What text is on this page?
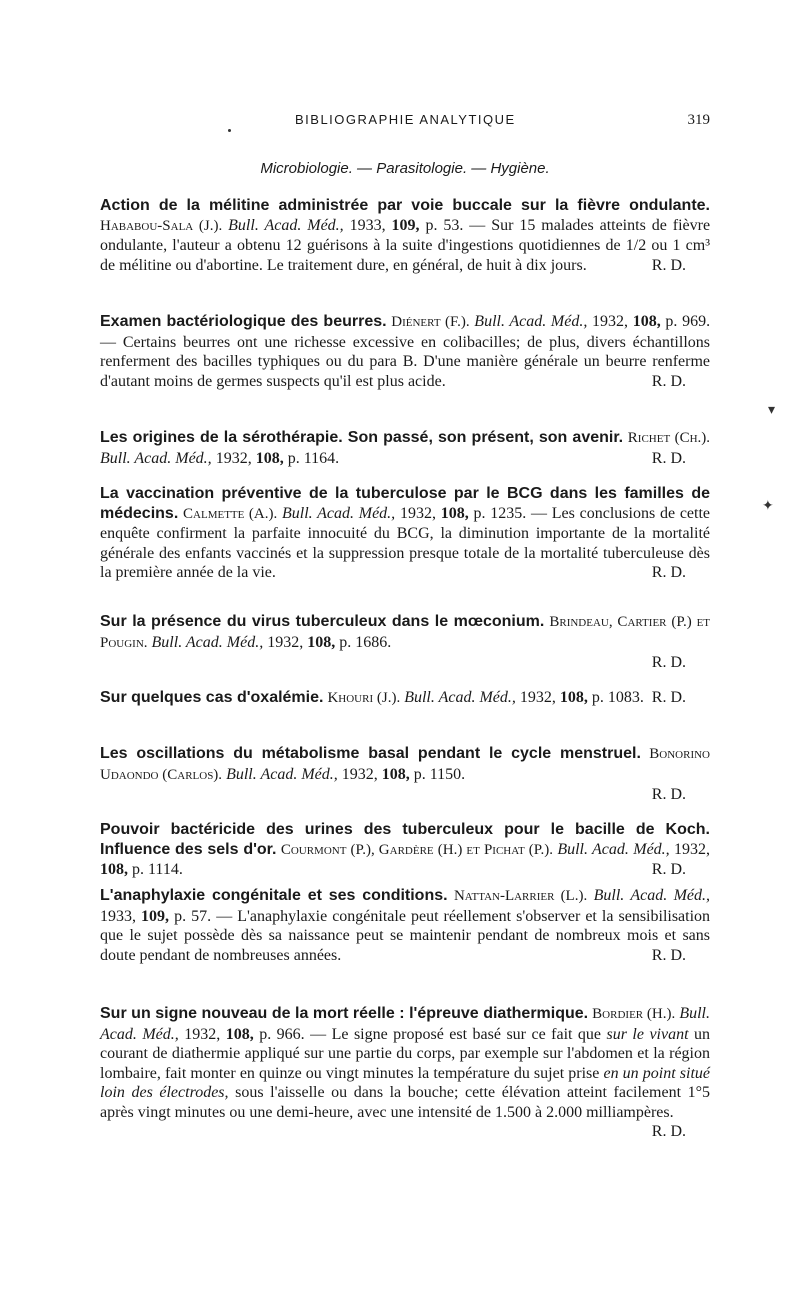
BIBLIOGRAPHIE ANALYTIQUE	319
Microbiologie. — Parasitologie. — Hygiène.
Action de la mélitine administrée par voie buccale sur la fièvre ondulante. Hababou-Sala (J.). Bull. Acad. Méd., 1933, 109, p. 53. — Sur 15 malades atteints de fièvre ondulante, l'auteur a obtenu 12 guérisons à la suite d'ingestions quotidiennes de 1/2 ou 1 cm³ de mélitine ou d'abortine. Le traitement dure, en général, de huit à dix jours.	R. D.
Examen bactériologique des beurres. Diénert (F.). Bull. Acad. Méd., 1932, 108, p. 969. — Certains beurres ont une richesse excessive en colibacilles; de plus, divers échantillons renferment des bacilles typhiques ou du para B. D'une manière générale un beurre renferme d'autant moins de germes suspects qu'il est plus acide.	R. D.
Les origines de la sérothérapie. Son passé, son présent, son avenir. Richet (Ch.). Bull. Acad. Méd., 1932, 108, p. 1164.	R. D.
La vaccination préventive de la tuberculose par le BCG dans les familles de médecins. Calmette (A.). Bull. Acad. Méd., 1932, 108, p. 1235. — Les conclusions de cette enquête confirment la parfaite innocuité du BCG, la diminution importante de la mortalité générale des enfants vaccinés et la suppression presque totale de la mortalité tuberculeuse dès la première année de la vie.	R. D.
Sur la présence du virus tuberculeux dans le mœconium. Brindeau, Cartier (P.) et Pougin. Bull. Acad. Méd., 1932, 108, p. 1686.
R. D.
Sur quelques cas d'oxalémie. Khouri (J.). Bull. Acad. Méd., 1932, 108, p. 1083. R. D.
Les oscillations du métabolisme basal pendant le cycle menstruel. Bonorino Udaondo (Carlos). Bull. Acad. Méd., 1932, 108, p. 1150.
R. D.
Pouvoir bactéricide des urines des tuberculeux pour le bacille de Koch. Influence des sels d'or. Courmont (P.), Gardère (H.) et Pichat (P.). Bull. Acad. Méd., 1932, 108, p. 1114.	R. D.
L'anaphylaxie congénitale et ses conditions. Nattan-Larrier (L.). Bull. Acad. Méd., 1933, 109, p. 57. — L'anaphylaxie congénitale peut réellement s'observer et la sensibilisation que le sujet possède dès sa naissance peut se maintenir pendant de nombreux mois et sans doute pendant de nombreuses années.	R. D.
Sur un signe nouveau de la mort réelle : l'épreuve diathermique. Bordier (H.). Bull. Acad. Méd., 1932, 108, p. 966. — Le signe proposé est basé sur ce fait que sur le vivant un courant de diathermie appliqué sur une partie du corps, par exemple sur l'abdomen et la région lombaire, fait monter en quinze ou vingt minutes la température du sujet prise en un point situé loin des électrodes, sous l'aisselle ou dans la bouche; cette élévation atteint facilement 1°5 après vingt minutes ou une demi-heure, avec une intensité de 1.500 à 2.000 milliampères.
R. D.
▾
✦
